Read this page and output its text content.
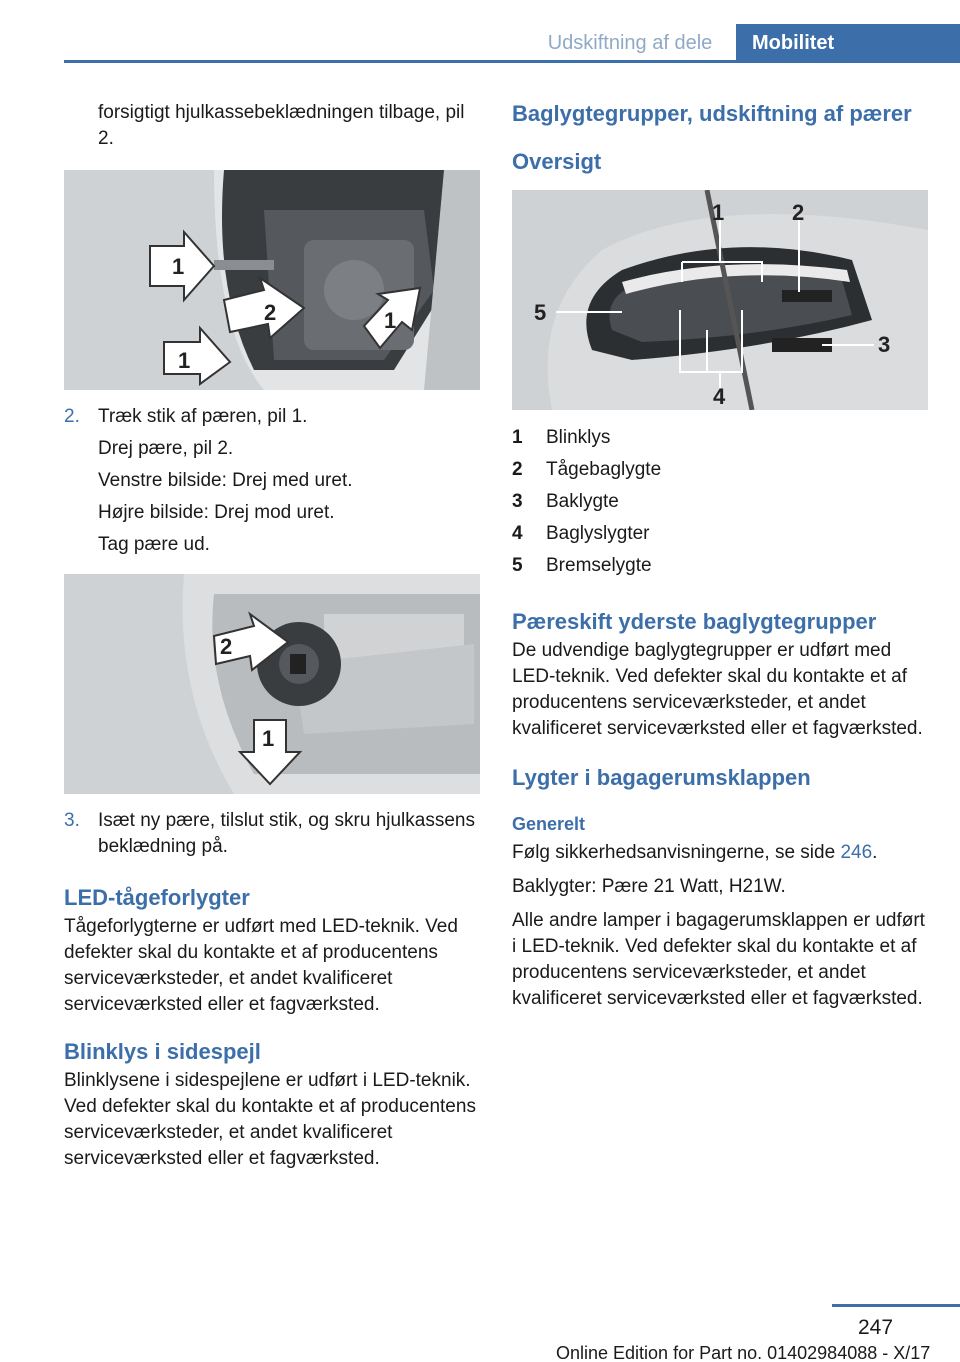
Udskiftning af dele	Mobilitet
forsigtigt hjulkassebeklædningen tilbage, pil 2.
1
2
1
1
2. Træk stik af pæren, pil 1.
Drej pære, pil 2.
Venstre bilside: Drej med uret.
Højre bilside: Drej mod uret.
Tag pære ud.
2
1
3. Isæt ny pære, tilslut stik, og skru hjulkassens beklædning på.
LED-tågeforlygter
Tågeforlygterne er udført med LED-teknik. Ved defekter skal du kontakte et af producentens serviceværksteder, et andet kvalificeret serviceværksted eller et fagværksted.
Blinklys i sidespejl
Blinklysene i sidespejlene er udført i LED-teknik. Ved defekter skal du kontakte et af producentens serviceværksteder, et andet kvalificeret serviceværksted eller et fagværksted.
Baglygtegrupper, udskiftning af pærer
Oversigt
1	2
3
4
5
1 Blinklys
2 Tågebaglygte
3 Baklygte
4 Baglyslygter
5 Bremselygte
Pæreskift yderste baglygtegrupper
De udvendige baglygtegrupper er udført med LED-teknik. Ved defekter skal du kontakte et af producentens serviceværksteder, et andet kvalificeret serviceværksted eller et fagværksted.
Lygter i bagagerumsklappen
Generelt
Følg sikkerhedsanvisningerne, se side 246.
Baklygter: Pære 21 Watt, H21W.
Alle andre lamper i bagagerumsklappen er udført i LED-teknik. Ved defekter skal du kontakte et af producentens serviceværksteder, et andet kvalificeret serviceværksted eller et fagværksted.
247
Online Edition for Part no. 01402984088 - X/17
